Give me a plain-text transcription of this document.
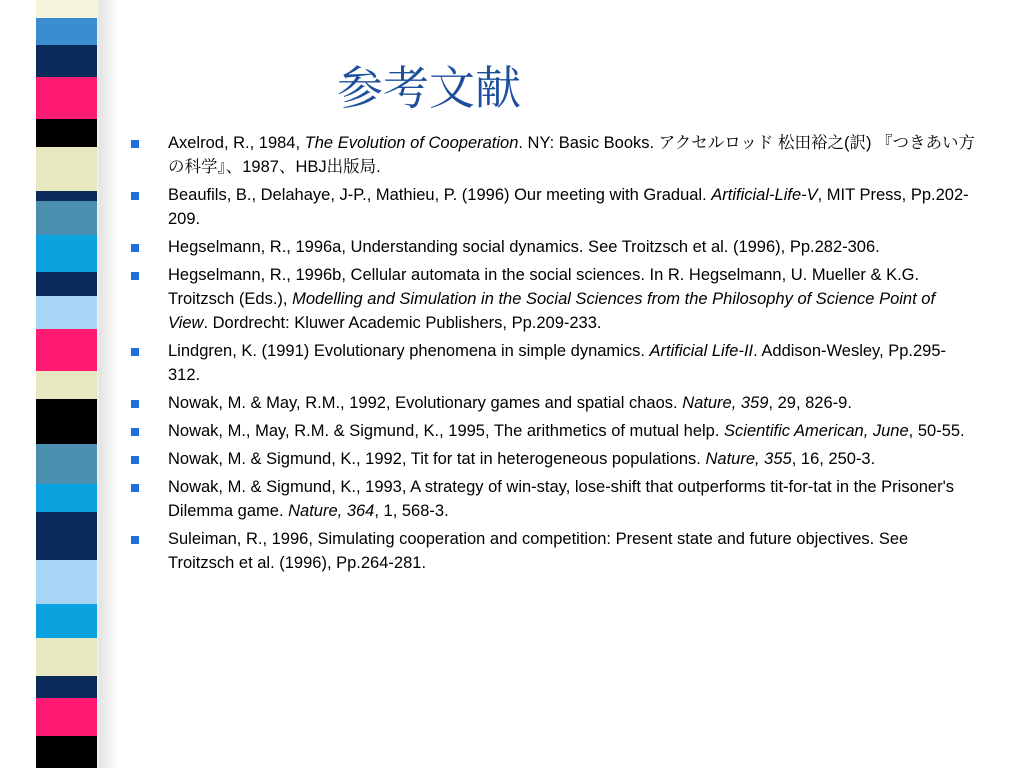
参考文献
Axelrod, R., 1984, The Evolution of Cooperation. NY: Basic Books. アクセルロッド 松田裕之(訳) 『つきあい方の科学』、1987、HBJ出版局.
Beaufils, B., Delahaye, J-P., Mathieu, P. (1996) Our meeting with Gradual. Artificial-Life-V, MIT Press, Pp.202-209.
Hegselmann, R., 1996a, Understanding social dynamics. See Troitzsch et al. (1996), Pp.282-306.
Hegselmann, R., 1996b, Cellular automata in the social sciences. In R. Hegselmann, U. Mueller & K.G. Troitzsch (Eds.), Modelling and Simulation in the Social Sciences from the Philosophy of Science Point of View. Dordrecht: Kluwer Academic Publishers, Pp.209-233.
Lindgren, K. (1991) Evolutionary phenomena in simple dynamics. Artificial Life-II. Addison-Wesley, Pp.295-312.
Nowak, M. & May, R.M., 1992, Evolutionary games and spatial chaos. Nature, 359, 29, 826-9.
Nowak, M., May, R.M. & Sigmund, K., 1995, The arithmetics of mutual help. Scientific American, June, 50-55.
Nowak, M. & Sigmund, K., 1992, Tit for tat in heterogeneous populations. Nature, 355, 16, 250-3.
Nowak, M. & Sigmund, K., 1993, A strategy of win-stay, lose-shift that outperforms tit-for-tat in the Prisoner's Dilemma game. Nature, 364, 1, 568-3.
Suleiman, R., 1996, Simulating cooperation and competition: Present state and future objectives. See Troitzsch et al. (1996), Pp.264-281.
